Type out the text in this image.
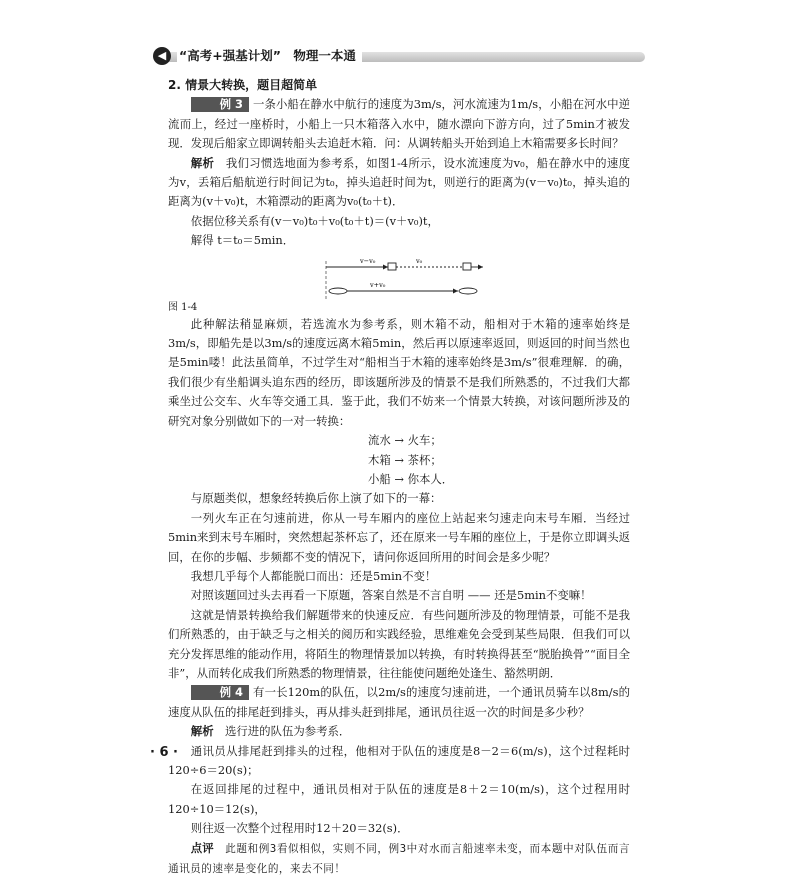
◀	“高考+强基计划”　物理一本通

2. 情景大转换，题目超简单

例 3 一条小船在静水中航行的速度为3m/s，河水流速为1m/s，小船在河水中逆流而上，经过一座桥时，小船上一只木箱落入水中，随水漂向下游方向，过了5min才被发现．发现后船家立即调转船头去追赶木箱．问：从调转船头开始到追上木箱需要多长时间？

解析　 我们习惯选地面为参考系，如图1-4所示，设水流速度为v₀，船在静水中的速度为v，丢箱后船航逆行时间记为t₀，掉头追赶时间为t，则逆行的距离为(v－v₀)t₀，掉头追的距离为(v＋v₀)t，木箱漂动的距离为v₀(t₀＋t)．

依据位移关系有(v－v₀)t₀＋v₀(t₀＋t)＝(v＋v₀)t，

解得 t＝t₀＝5min．

v−v₀	v₀
v+v₀

图 1-4

此种解法稍显麻烦，若选流水为参考系，则木箱不动，船相对于木箱的速率始终是3m/s，即船先是以3m/s的速度远离木箱5min，然后再以原速率返回，则返回的时间当然也是5min喽！此法虽简单，不过学生对“船相当于木箱的速率始终是3m/s”很难理解．的确，我们很少有坐船调头追东西的经历，即该题所涉及的情景不是我们所熟悉的，不过我们大都乘坐过公交车、火车等交通工具．鉴于此，我们不妨来一个情景大转换，对该问题所涉及的研究对象分别做如下的一对一转换：

流水 → 火车；
木箱 → 茶杯；
小船 → 你本人．

与原题类似，想象经转换后你上演了如下的一幕：

一列火车正在匀速前进，你从一号车厢内的座位上站起来匀速走向末号车厢．当经过5min来到末号车厢时，突然想起茶杯忘了，还在原来一号车厢的座位上，于是你立即调头返回，在你的步幅、步频都不变的情况下，请问你返回所用的时间会是多少呢？

我想几乎每个人都能脱口而出：还是5min不变！

对照该题回过头去再看一下原题，答案自然是不言自明 —— 还是5min不变嘛！

这就是情景转换给我们解题带来的快速反应．有些问题所涉及的物理情景，可能不是我们所熟悉的，由于缺乏与之相关的阅历和实践经验，思维难免会受到某些局限．但我们可以充分发挥思维的能动作用，将陌生的物理情景加以转换，有时转换得甚至“脱胎换骨”“面目全非”，从而转化成我们所熟悉的物理情景，往往能使问题绝处逢生、豁然明朗．

例 4 有一长120m的队伍，以2m/s的速度匀速前进，一个通讯员骑车以8m/s的速度从队伍的排尾赶到排头，再从排头赶到排尾，通讯员往返一次的时间是多少秒？

解析　 选行进的队伍为参考系．

通讯员从排尾赶到排头的过程，他相对于队伍的速度是8－2＝6(m/s)，这个过程耗时120÷6＝20(s)；

在返回排尾的过程中，通讯员相对于队伍的速度是8＋2＝10(m/s)，这个过程用时120÷10＝12(s)，

则往返一次整个过程用时12＋20＝32(s)．

点评　 此题和例3看似相似，实则不同，例3中对水而言船速率未变，而本题中对队伍而言通讯员的速率是变化的，来去不同！

· 6 ·
